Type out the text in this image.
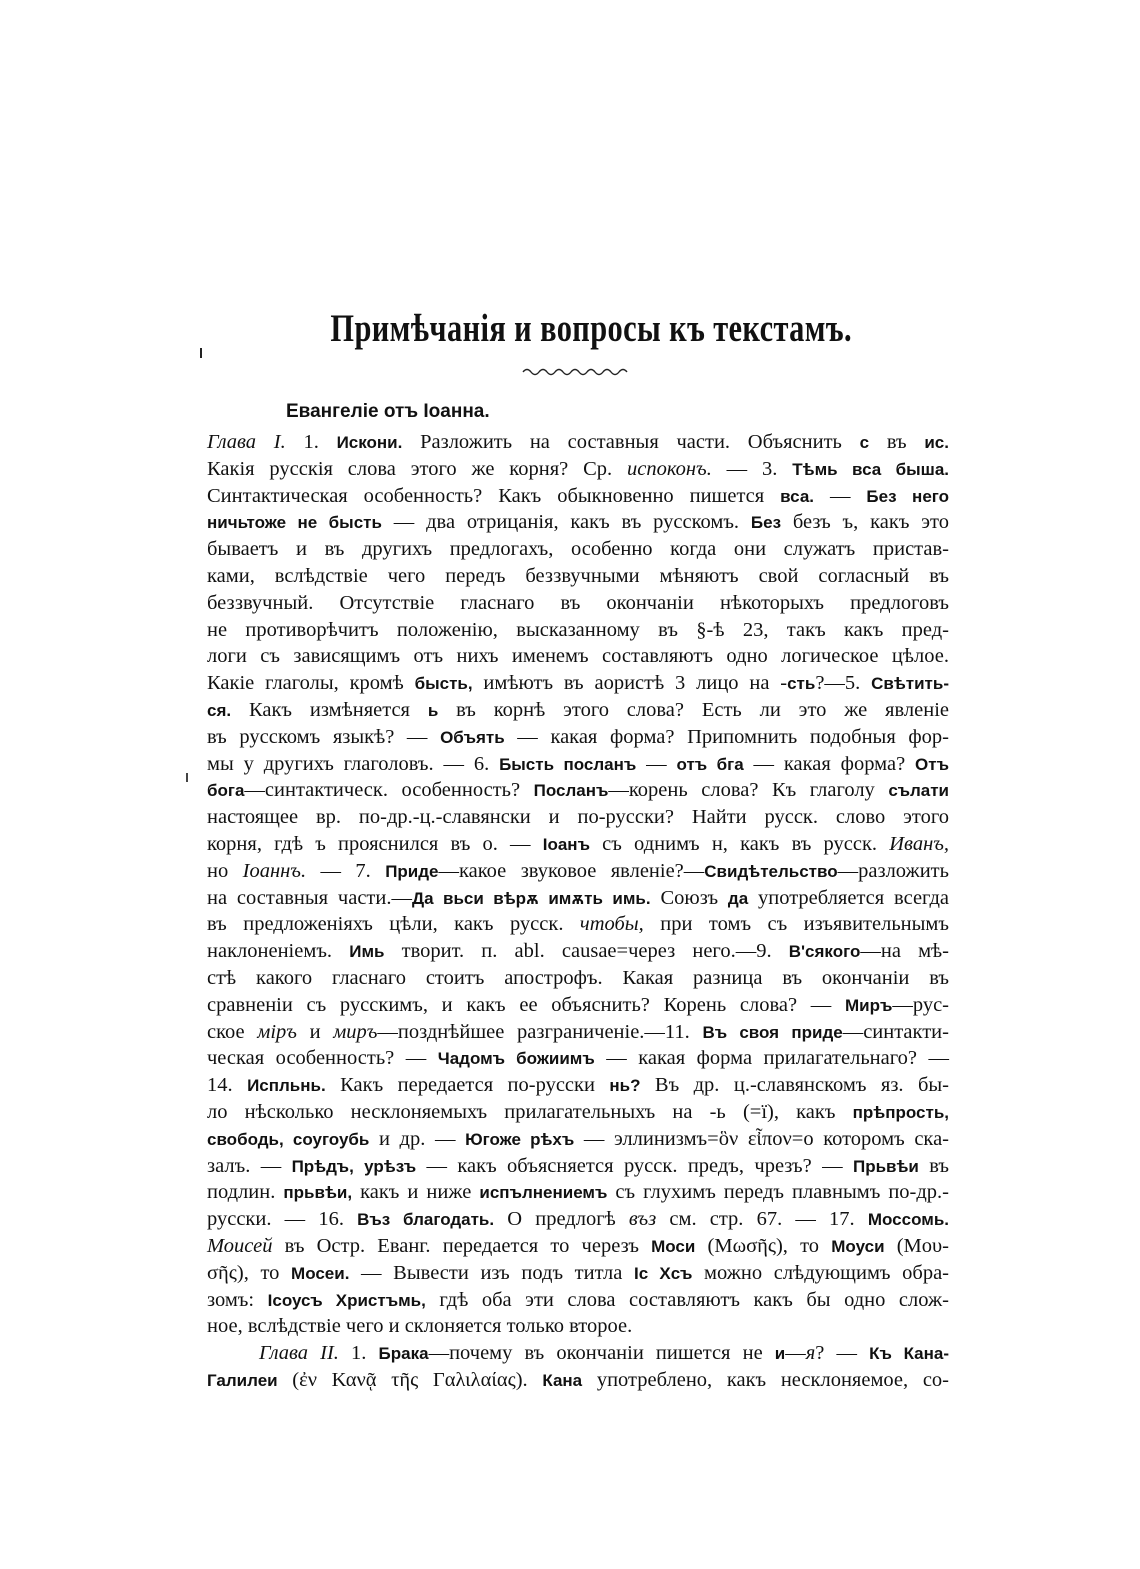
Примѣчанія и вопросы къ текстамъ.
Евангеліе отъ Іоанна.
Глава I. 1. Искони. Разложить на составныя части. Объяснить с въ ис.
Какія русскія слова этого же корня? Ср. испоконъ. — 3. Тѣмь вса бышa.
Синтактическая особенность? Какъ обыкновенно пишется вса. — Без него
ничьтоже не бысть — два отрицанія, какъ въ русскомъ. Без безъ ъ, какъ это
бываетъ и въ другихъ предлогахъ, особенно когда они служатъ пристав-
ками, вслѣдствіе чего передъ беззвучными мѣняютъ свой согласный въ
беззвучный. Отсутствіе гласнаго въ окончаніи нѣкоторыхъ предлоговъ
не противорѣчитъ положенію, высказанному въ §-ѣ 23, такъ какъ пред-
логи съ зависящимъ отъ нихъ именемъ составляютъ одно логическое цѣлое.
Какіе глаголы, кромѣ бысть, имѣютъ въ аористѣ 3 лицо на -сть?—5. Свѣтить-
ся. Какъ измѣняется ь въ корнѣ этого слова? Есть ли это же явленіе
въ русскомъ языкѣ? — Объять — какая форма? Припомнить подобныя фор-
мы у другихъ глаголовъ. — 6. Бысть посланъ — отъ бга — какая форма? Отъ
бога—синтактическ. особенность? Посланъ—корень слова? Къ глаголу сълати
настоящее вр. по-др.-ц.-славянски и по-русски? Найти русск. слово этого
корня, гдѣ ъ прояснился въ о. — Іоанъ съ однимъ н, какъ въ русск. Иванъ,
но Іоаннъ. — 7. Приде—какое звуковое явленіе?—Свидѣтельство—разложить
на составныя части.—Да вьси вѣрѫ имѫть имь. Союзъ да употребляется всегда
въ предложеніяхъ цѣли, какъ русск. чтобы, при томъ съ изъявительнымъ
наклоненіемъ. Имь творит. п. abl. causae=через него.—9. В'сякого—на мѣ-
стѣ какого гласнаго стоитъ апострофъ. Какая разница въ окончаніи въ
сравненіи съ русскимъ, и какъ ее объяснить? Корень слова? — Миръ—рус-
ское міръ и миръ—позднѣйшее разграниченіе.—11. Въ своя приде—синтакти-
ческая особенность? — Чадомъ божиимъ — какая форма прилагательнаго? —
14. Испльнь. Какъ передается по-русски нь? Въ др. ц.-славянскомъ яз. бы-
ло нѣсколько несклоняемыхъ прилагательныхъ на -ь (=ї), какъ прѣпрость,
свободь, соугоубь и др. — Югоже рѣхъ — эллинизмъ=ὃν εἶπον=о которомъ ска-
залъ. — Прѣдъ, урѣзъ — какъ объясняется русск. предъ, чрезъ? — Прьвѣи въ
подлин. прьвѣи, какъ и ниже испълнениемъ съ глухимъ передъ плавнымъ по-др.-
русски. — 16. Въз благодать. О предлогѣ въз см. стр. 67. — 17. Моссомь.
Моисей въ Остр. Еванг. передается то черезъ Моси (Μωσῆς), то Моуси (Μου-
σῆς), то Мосеи. — Вывести изъ подъ титла Іс Хсъ можно слѣдующимъ обра-
зомъ: Ісоусъ Христъмь, гдѣ оба эти слова составляютъ какъ бы одно слож-
ное, вслѣдствіе чего и склоняется только второе.
Глава II. 1. Брака—почему въ окончаніи пишется не и—я? — Къ Кана-
Галилеи (ἐν Κανᾷ τῆς Γαλιλαίας). Кана употреблено, какъ несклоняемое, со-
